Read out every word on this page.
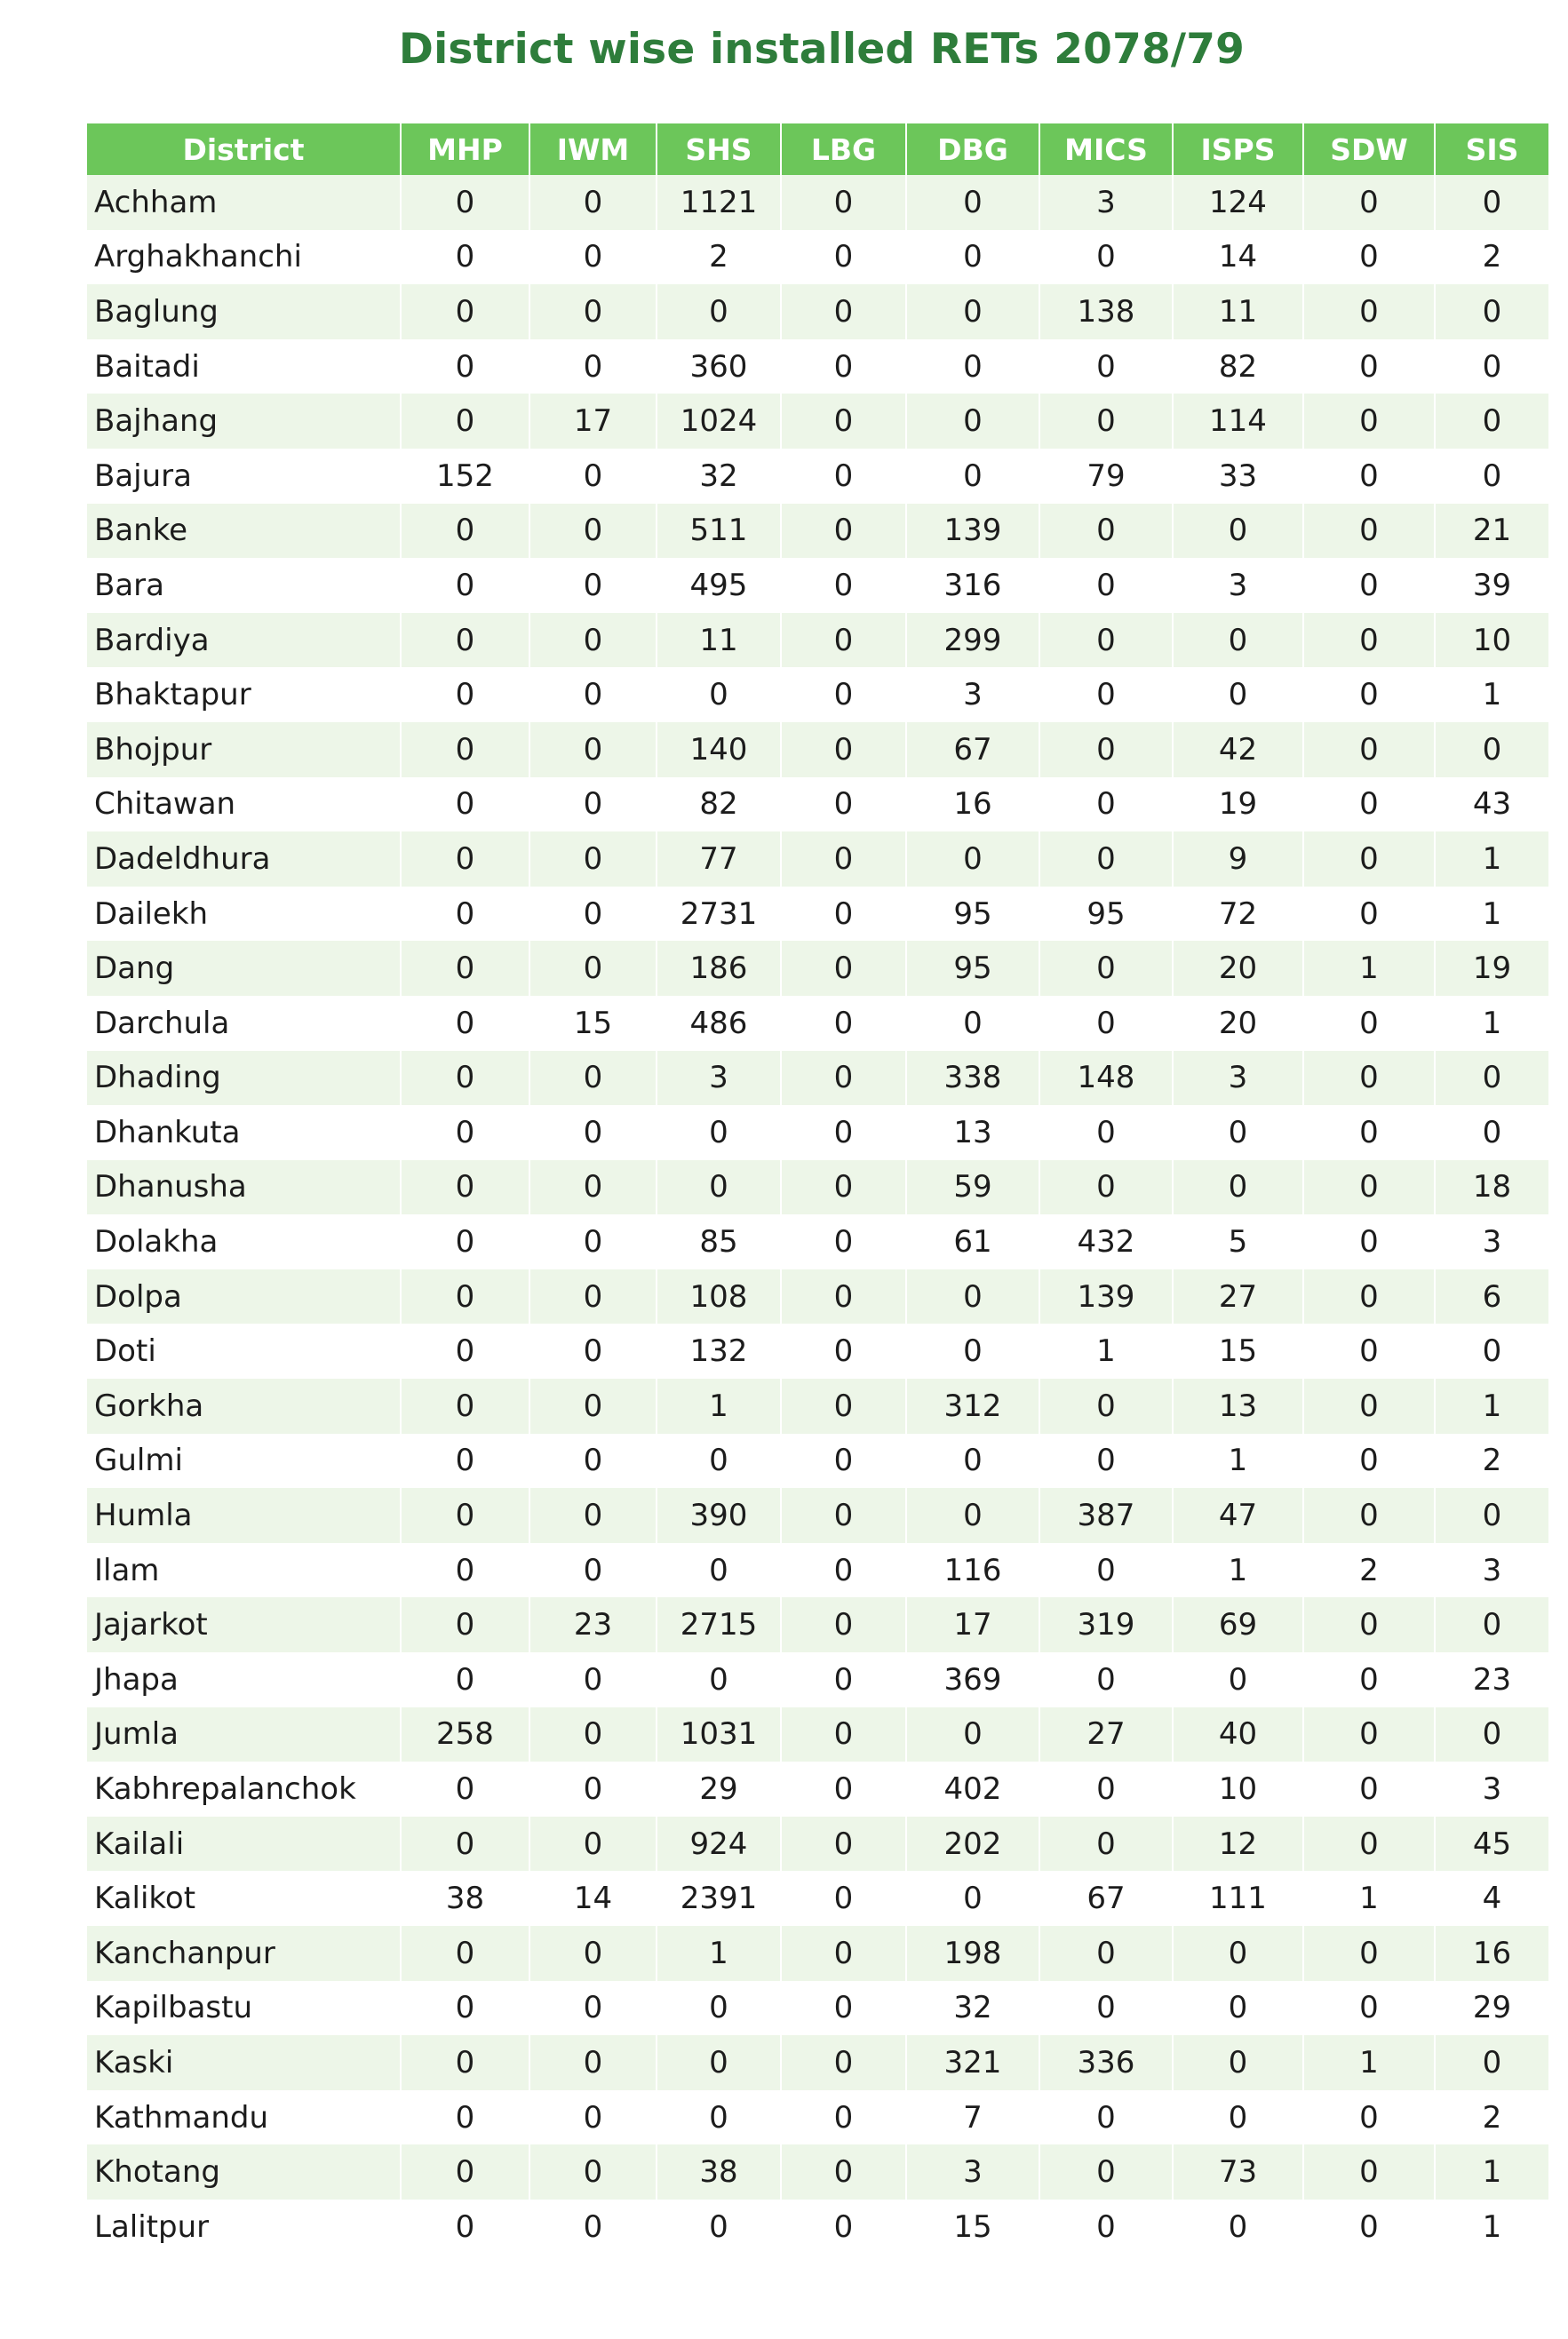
District wise installed RETs 2078/79
District	MHP	IWM	SHS	LBG	DBG	MICS	ISPS	SDW	SIS
Achham	0	0	1121	0	0	3	124	0	0
Arghakhanchi	0	0	2	0	0	0	14	0	2
Baglung	0	0	0	0	0	138	11	0	0
Baitadi	0	0	360	0	0	0	82	0	0
Bajhang	0	17	1024	0	0	0	114	0	0
Bajura	152	0	32	0	0	79	33	0	0
Banke	0	0	511	0	139	0	0	0	21
Bara	0	0	495	0	316	0	3	0	39
Bardiya	0	0	11	0	299	0	0	0	10
Bhaktapur	0	0	0	0	3	0	0	0	1
Bhojpur	0	0	140	0	67	0	42	0	0
Chitawan	0	0	82	0	16	0	19	0	43
Dadeldhura	0	0	77	0	0	0	9	0	1
Dailekh	0	0	2731	0	95	95	72	0	1
Dang	0	0	186	0	95	0	20	1	19
Darchula	0	15	486	0	0	0	20	0	1
Dhading	0	0	3	0	338	148	3	0	0
Dhankuta	0	0	0	0	13	0	0	0	0
Dhanusha	0	0	0	0	59	0	0	0	18
Dolakha	0	0	85	0	61	432	5	0	3
Dolpa	0	0	108	0	0	139	27	0	6
Doti	0	0	132	0	0	1	15	0	0
Gorkha	0	0	1	0	312	0	13	0	1
Gulmi	0	0	0	0	0	0	1	0	2
Humla	0	0	390	0	0	387	47	0	0
Ilam	0	0	0	0	116	0	1	2	3
Jajarkot	0	23	2715	0	17	319	69	0	0
Jhapa	0	0	0	0	369	0	0	0	23
Jumla	258	0	1031	0	0	27	40	0	0
Kabhrepalanchok	0	0	29	0	402	0	10	0	3
Kailali	0	0	924	0	202	0	12	0	45
Kalikot	38	14	2391	0	0	67	111	1	4
Kanchanpur	0	0	1	0	198	0	0	0	16
Kapilbastu	0	0	0	0	32	0	0	0	29
Kaski	0	0	0	0	321	336	0	1	0
Kathmandu	0	0	0	0	7	0	0	0	2
Khotang	0	0	38	0	3	0	73	0	1
Lalitpur	0	0	0	0	15	0	0	0	1
